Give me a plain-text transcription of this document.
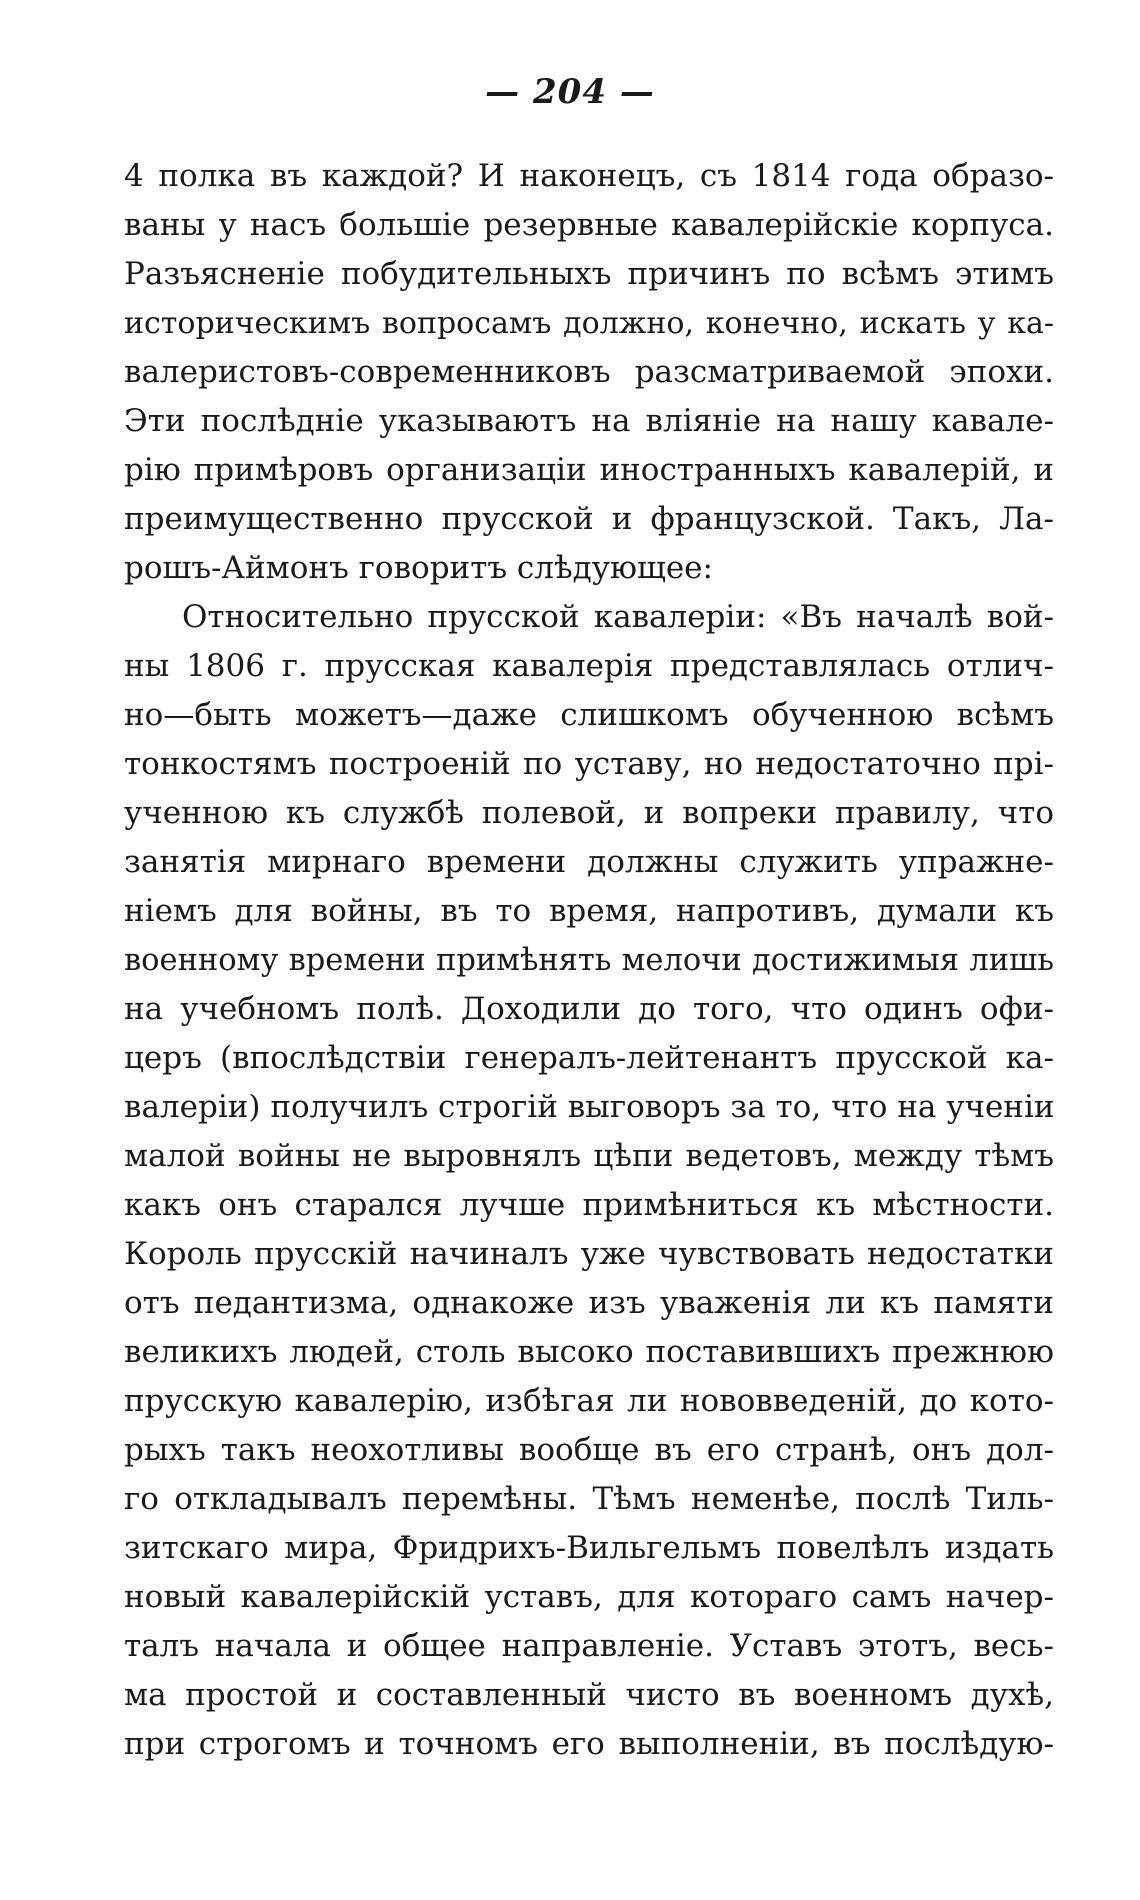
— 204 —
4 полка въ каждой? И наконецъ, съ 1814 года образо-
ваны у насъ большіе резервные кавалерійскіе корпуса.
Разъясненіе побудительныхъ причинъ по всѣмъ этимъ
историческимъ вопросамъ должно, конечно, искать у ка-
валеристовъ-современниковъ разсматриваемой эпохи.
Эти послѣдніе указываютъ на вліяніе на нашу кавале-
рію примѣровъ организаціи иностранныхъ кавалерій, и
преимущественно прусской и французской. Такъ, Ла-
рошъ-Аймонъ говоритъ слѣдующее:
Относительно прусской кавалеріи: «Въ началѣ вой-
ны 1806 г. прусская кавалерія представлялась отлич-
но—быть можетъ—даже слишкомъ обученною всѣмъ
тонкостямъ построеній по уставу, но недостаточно прі-
ученною къ службѣ полевой, и вопреки правилу, что
занятія мирнаго времени должны служить упражне-
ніемъ для войны, въ то время, напротивъ, думали къ
военному времени примѣнять мелочи достижимыя лишь
на учебномъ полѣ. Доходили до того, что одинъ офи-
церъ (впослѣдствіи генералъ-лейтенантъ прусской ка-
валеріи) получилъ строгій выговоръ за то, что на ученіи
малой войны не выровнялъ цѣпи ведетовъ, между тѣмъ
какъ онъ старался лучше примѣниться къ мѣстности.
Король прусскій начиналъ уже чувствовать недостатки
отъ педантизма, однакоже изъ уваженія ли къ памяти
великихъ людей, столь высоко поставившихъ прежнюю
прусскую кавалерію, избѣгая ли нововведеній, до кото-
рыхъ такъ неохотливы вообще въ его странѣ, онъ дол-
го откладывалъ перемѣны. Тѣмъ неменѣе, послѣ Тиль-
зитскаго мира, Фридрихъ-Вильгельмъ повелѣлъ издать
новый кавалерійскій уставъ, для котораго самъ начер-
талъ начала и общее направленіе. Уставъ этотъ, весь-
ма простой и составленный чисто въ военномъ духѣ,
при строгомъ и точномъ его выполненіи, въ послѣдую-
